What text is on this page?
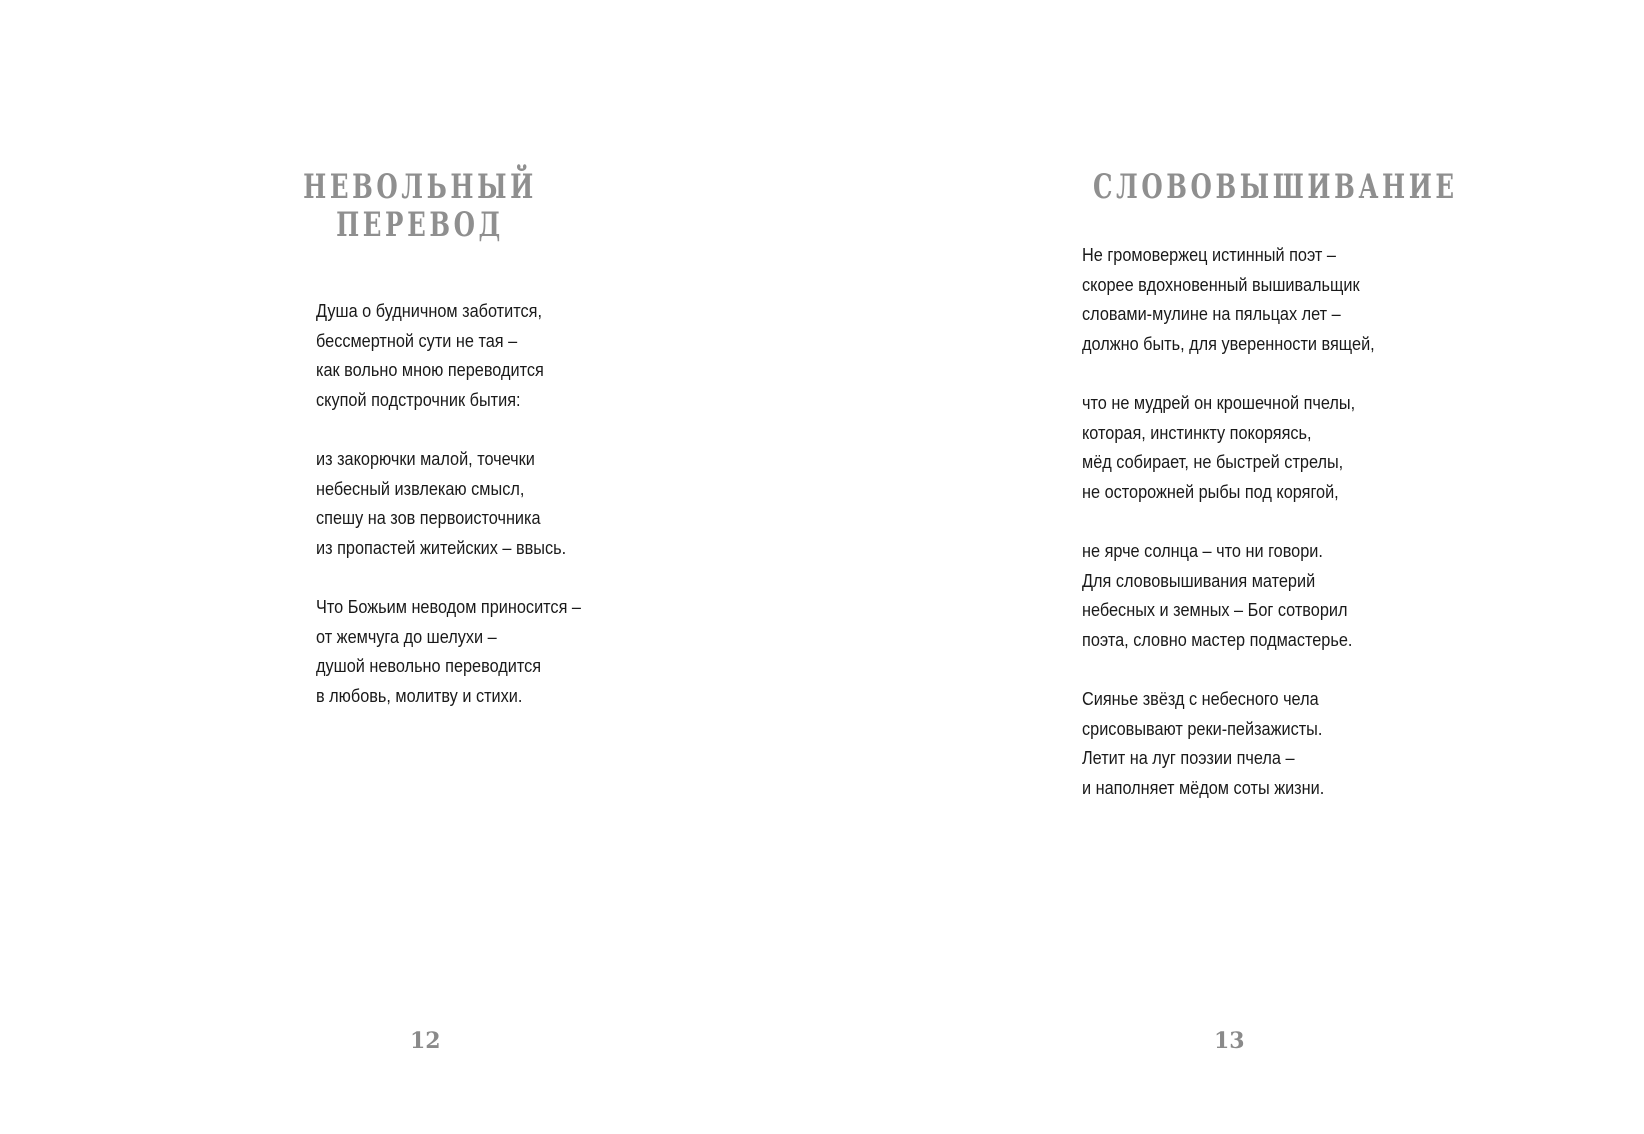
НЕВОЛЬНЫЙ
ПЕРЕВОД
Душа о будничном заботится,
бессмертной сути не тая –
как вольно мною переводится
скупой подстрочник бытия:
из закорючки малой, точечки
небесный извлекаю смысл,
спешу на зов первоисточника
из пропастей житейских – ввысь.
Что Божьим неводом приносится –
от жемчуга до шелухи –
душой невольно переводится
в любовь, молитву и стихи.
12
СЛОВОВЫШИВАНИЕ
Не громовержец истинный поэт –
скорее вдохновенный вышивальщик
словами-мулине на пяльцах лет –
должно быть, для уверенности вящей,
что не мудрей он крошечной пчелы,
которая, инстинкту покоряясь,
мёд собирает, не быстрей стрелы,
не осторожней рыбы под корягой,
не ярче солнца – что ни говори.
Для слововышивания материй
небесных и земных – Бог сотворил
поэта, словно мастер подмастерье.
Сиянье звёзд с небесного чела
срисовывают реки-пейзажисты.
Летит на луг поэзии пчела –
и наполняет мёдом соты жизни.
13
